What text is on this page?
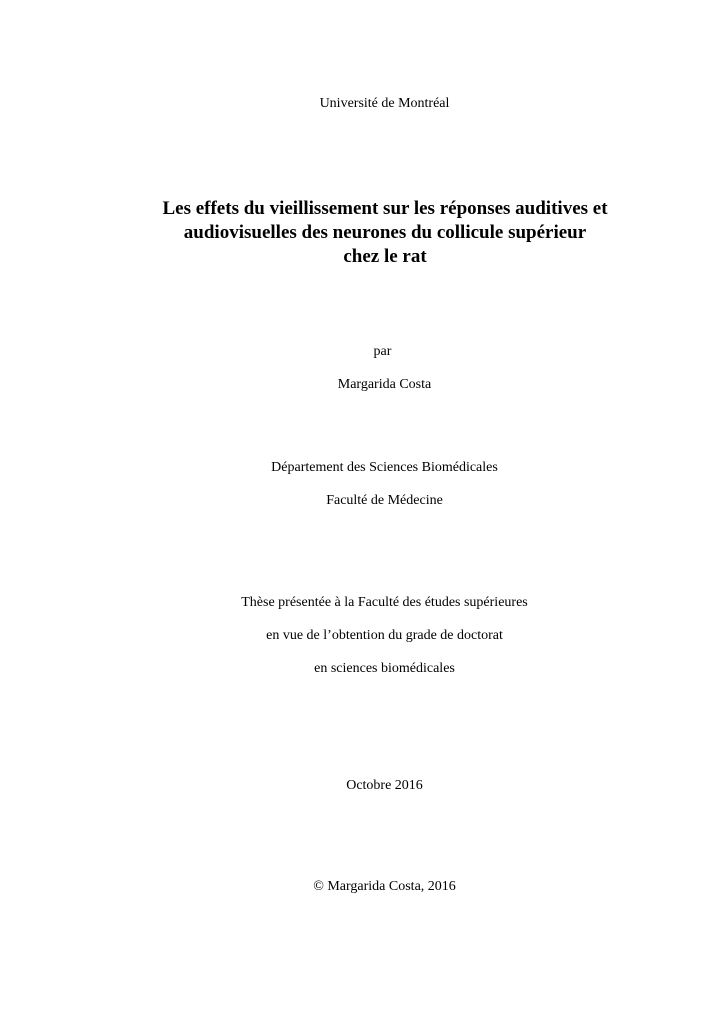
Université de Montréal
Les effets du vieillissement sur les réponses auditives et
audiovisuelles des neurones du collicule supérieur
chez le rat
par
Margarida Costa
Département des Sciences Biomédicales
Faculté de Médecine
Thèse présentée à la Faculté des études supérieures
en vue de l’obtention du grade de doctorat
en sciences biomédicales
Octobre 2016
© Margarida Costa, 2016
